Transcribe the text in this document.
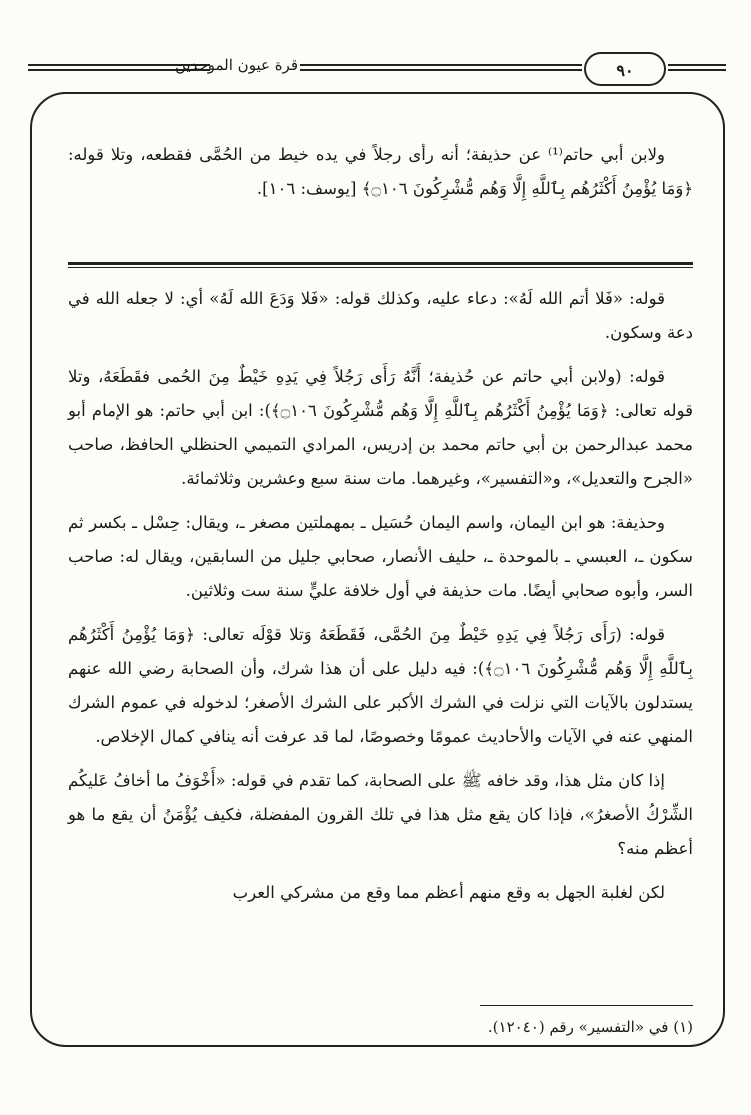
قرة عيون الموحدين	٩٠

ولابن أبي حاتم⁽¹⁾ عن حذيفة؛ أنه رأى رجلاً في يده خيط من الحُمَّى فقطعه، وتلا قوله: ﴿وَمَا يُؤْمِنُ أَكْثَرُهُم بِٱللَّهِ إِلَّا وَهُم مُّشْرِكُونَ ۝١٠٦﴾ [يوسف: ١٠٦].

قوله: «فَلا أتم الله لَهُ»: دعاء عليه، وكذلك قوله: «فَلا وَدَعَ الله لَهُ» أي: لا جعله الله في دعة وسكون.

قوله: (ولابن أبي حاتم عن حُذيفة؛ أَنَّهُ رَأَى رَجُلاً فِي يَدِهِ خَيْطٌ مِنَ الحُمى فقَطَعَهُ، وتلا قوله تعالى: ﴿وَمَا يُؤْمِنُ أَكْثَرُهُم بِٱللَّهِ إِلَّا وَهُم مُّشْرِكُونَ ۝١٠٦﴾): ابن أبي حاتم: هو الإمام أبو محمد عبدالرحمن بن أبي حاتم محمد بن إدريس، المرادي التميمي الحنظلي الحافظ، صاحب «الجرح والتعديل»، و«التفسير»، وغيرهما. مات سنة سبع وعشرين وثلاثمائة.

وحذيفة: هو ابن اليمان، واسم اليمان حُسَيل ـ بمهملتين مصغر ـ، ويقال: حِسْل ـ بكسر ثم سكون ـ، العبسي ـ بالموحدة ـ، حليف الأنصار، صحابي جليل من السابقين، ويقال له: صاحب السر، وأبوه صحابي أيضًا. مات حذيفة في أول خلافة عليٍّ سنة ست وثلاثين.

قوله: (رَأَى رَجُلاً فِي يَدِهِ خَيْطٌ مِنَ الحُمَّى، فَقَطَعَهُ وَتلا قوْلَه تعالى: ﴿وَمَا يُؤْمِنُ أَكْثَرُهُم بِٱللَّهِ إِلَّا وَهُم مُّشْرِكُونَ ۝١٠٦﴾): فيه دليل على أن هذا شرك، وأن الصحابة رضي الله عنهم يستدلون بالآيات التي نزلت في الشرك الأكبر على الشرك الأصغر؛ لدخوله في عموم الشرك المنهي عنه في الآيات والأحاديث عمومًا وخصوصًا، لما قد عرفت أنه ينافي كمال الإخلاص.

إذا كان مثل هذا، وقد خافه ﷺ على الصحابة، كما تقدم في قوله: «أَخْوَفُ ما أخافُ عَليكُم الشِّرْكُ الأصغرُ»، فإذا كان يقع مثل هذا في تلك القرون المفضلة، فكيف يُؤْمَنُ أن يقع ما هو أعظم منه؟

لكن لغلبة الجهل به وقع منهم أعظم مما وقع من مشركي العرب

(١) في «التفسير» رقم (١٢٠٤٠).
